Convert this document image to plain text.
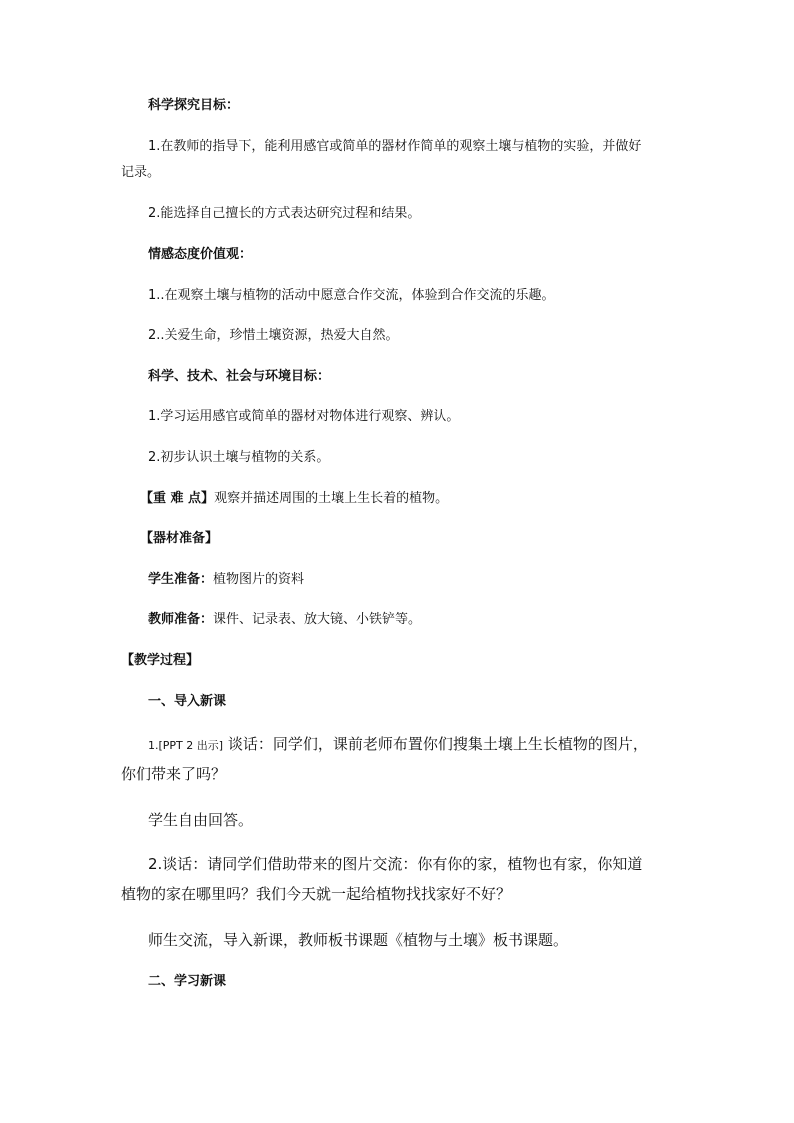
科学探究目标：

1.在教师的指导下，能利用感官或简单的器材作简单的观察土壤与植物的实验，并做好

记录。

2.能选择自己擅长的方式表达研究过程和结果。

情感态度价值观：

1..在观察土壤与植物的活动中愿意合作交流，体验到合作交流的乐趣。

2..关爱生命，珍惜土壤资源，热爱大自然。

科学、技术、社会与环境目标：

1.学习运用感官或简单的器材对物体进行观察、辨认。

2.初步认识土壤与植物的关系。

【重 难 点】观察并描述周围的土壤上生长着的植物。

【器材准备】

学生准备：植物图片的资料

教师准备：课件、记录表、放大镜、小铁铲等。

【教学过程】

一、导入新课

1.[PPT 2 出示] 谈话：同学们，课前老师布置你们搜集土壤上生长植物的图片，

你们带来了吗？

学生自由回答。

2.谈话：请同学们借助带来的图片交流：你有你的家，植物也有家，你知道

植物的家在哪里吗？我们今天就一起给植物找找家好不好？

师生交流，导入新课，教师板书课题《植物与土壤》板书课题。

二、学习新课
